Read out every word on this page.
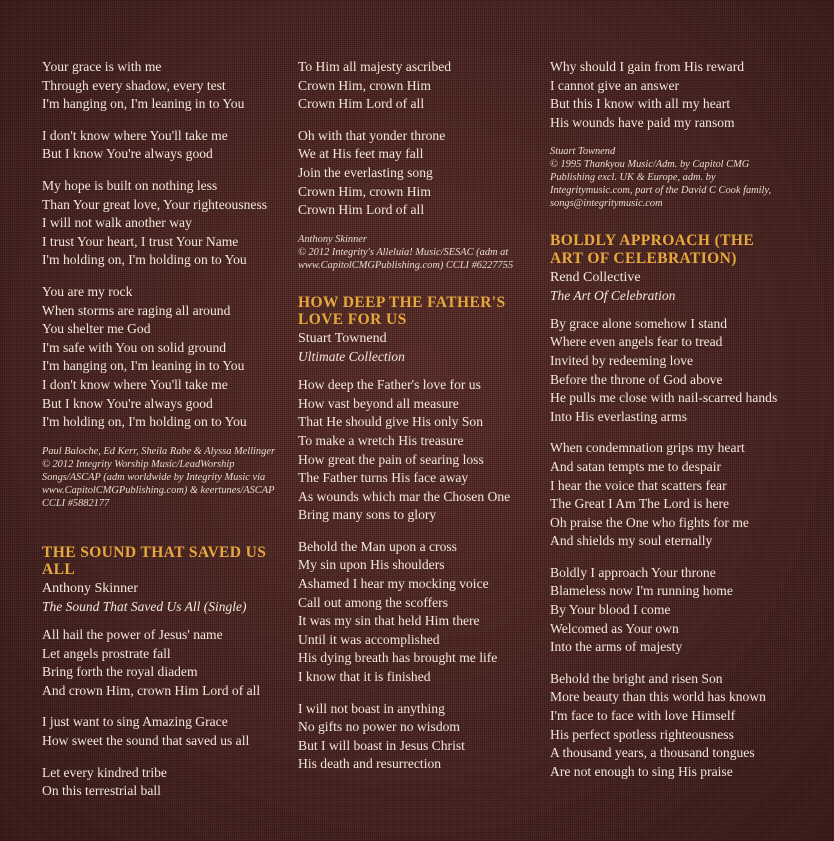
Your grace is with me
Through every shadow, every test
I'm hanging on, I'm leaning in to You
I don't know where You'll take me
But I know You're always good
My hope is built on nothing less
Than Your great love, Your righteousness
I will not walk another way
I trust Your heart, I trust Your Name
I'm holding on, I'm holding on to You
You are my rock
When storms are raging all around
You shelter me God
I'm safe with You on solid ground
I'm hanging on, I'm leaning in to You
I don't know where You'll take me
But I know You're always good
I'm holding on, I'm holding on to You
Paul Baloche, Ed Kerr, Sheila Rabe & Alyssa Mellinger
© 2012 Integrity Worship Music/LeadWorship Songs/ASCAP (adm worldwide by Integrity Music via www.CapitolCMGPublishing.com) & keertunes/ASCAP CCLI #5882177
THE SOUND THAT SAVED US ALL
Anthony Skinner
The Sound That Saved Us All (Single)
All hail the power of Jesus' name
Let angels prostrate fall
Bring forth the royal diadem
And crown Him, crown Him Lord of all
I just want to sing Amazing Grace
How sweet the sound that saved us all
Let every kindred tribe
On this terrestrial ball
To Him all majesty ascribed
Crown Him, crown Him
Crown Him Lord of all
Oh with that yonder throne
We at His feet may fall
Join the everlasting song
Crown Him, crown Him
Crown Him Lord of all
Anthony Skinner
© 2012 Integrity's Alleluia! Music/SESAC (adm at www.CapitolCMGPublishing.com) CCLI #6227755
HOW DEEP THE FATHER'S LOVE FOR US
Stuart Townend
Ultimate Collection
How deep the Father's love for us
How vast beyond all measure
That He should give His only Son
To make a wretch His treasure
How great the pain of searing loss
The Father turns His face away
As wounds which mar the Chosen One
Bring many sons to glory
Behold the Man upon a cross
My sin upon His shoulders
Ashamed I hear my mocking voice
Call out among the scoffers
It was my sin that held Him there
Until it was accomplished
His dying breath has brought me life
I know that it is finished
I will not boast in anything
No gifts no power no wisdom
But I will boast in Jesus Christ
His death and resurrection
Why should I gain from His reward
I cannot give an answer
But this I know with all my heart
His wounds have paid my ransom
Stuart Townend
© 1995 Thankyou Music/Adm. by Capitol CMG Publishing excl. UK & Europe, adm. by Integritymusic.com, part of the David C Cook family, songs@integritymusic.com
BOLDLY APPROACH (THE ART OF CELEBRATION)
Rend Collective
The Art Of Celebration
By grace alone somehow I stand
Where even angels fear to tread
Invited by redeeming love
Before the throne of God above
He pulls me close with nail-scarred hands
Into His everlasting arms
When condemnation grips my heart
And satan tempts me to despair
I hear the voice that scatters fear
The Great I Am The Lord is here
Oh praise the One who fights for me
And shields my soul eternally
Boldly I approach Your throne
Blameless now I'm running home
By Your blood I come
Welcomed as Your own
Into the arms of majesty
Behold the bright and risen Son
More beauty than this world has known
I'm face to face with love Himself
His perfect spotless righteousness
A thousand years, a thousand tongues
Are not enough to sing His praise
